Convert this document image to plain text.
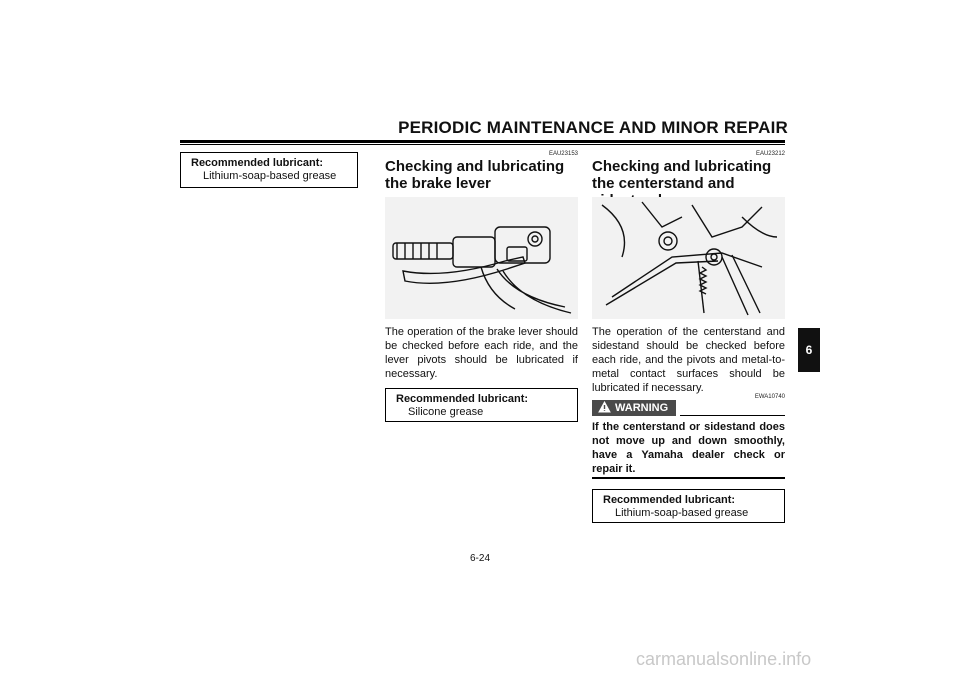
PERIODIC MAINTENANCE AND MINOR REPAIR
Recommended lubricant:
Lithium-soap-based grease
EAU23153
Checking and lubricating the brake lever

The operation of the brake lever should be checked before each ride, and the lever pivots should be lubricated if necessary.

Recommended lubricant:
Silicone grease
EAU23212
Checking and lubricating the centerstand and

The operation of the centerstand and sidestand should be checked before each ride, and the pivots and metal-to-metal contact surfaces should be lubricated if necessary.

EWA10740
WARNING

If the centerstand or sidestand does not move up and down smoothly, have a Yamaha dealer check or repair it.

Recommended lubricant:
Lithium-soap-based grease
6
6-24
carmanualsonline.info
